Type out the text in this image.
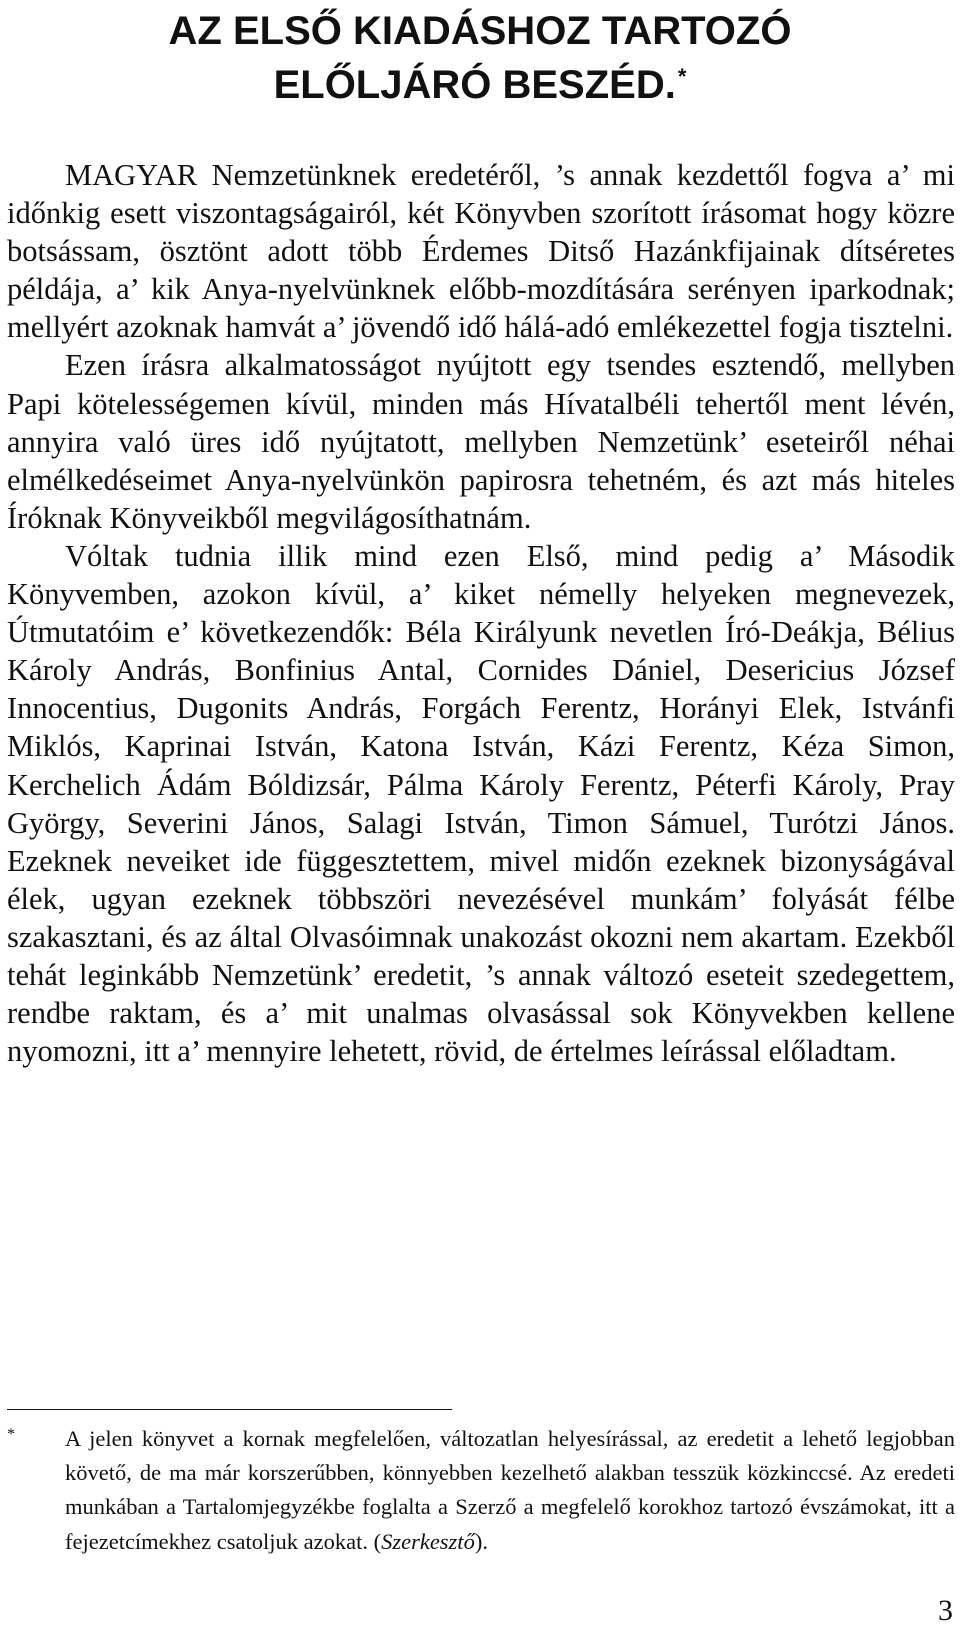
AZ ELSŐ KIADÁSHOZ TARTOZÓ
ELŐLJÁRÓ BESZÉD.*

MAGYAR Nemzetünknek eredetéről, ’s annak kezdettől fogva a’ mi időnkig esett viszontagságairól, két Könyvben szorított írásomat hogy közre botsássam, ösztönt adott több Érdemes Ditső Hazánkfijainak dítséretes példája, a’ kik Anya-nyelvünknek előbb-mozdítására serényen iparkodnak; mellyért azoknak hamvát a’ jövendő idő hálá-adó emlékezettel fogja tisztelni.

Ezen írásra alkalmatosságot nyújtott egy tsendes esztendő, mellyben Papi kötelességemen kívül, minden más Hívatalbéli tehertől ment lévén, annyira való üres idő nyújtatott, mellyben Nemzetünk’ eseteiről néhai elmélkedéseimet Anya-nyelvünkön papirosra tehetném, és azt más hiteles Íróknak Könyveikből megvilágosíthatnám.

Vóltak tudnia illik mind ezen Első, mind pedig a’ Második Könyvemben, azokon kívül, a’ kiket némelly helyeken megnevezek, Útmutatóim e’ következendők: Béla Királyunk nevetlen Író-Deákja, Bélius Károly András, Bonfinius Antal, Cornides Dániel, Desericius József Innocentius, Dugonits András, Forgách Ferentz, Horányi Elek, Istvánfi Miklós, Kaprinai István, Katona István, Kázi Ferentz, Kéza Simon, Kerchelich Ádám Bóldizsár, Pálma Károly Ferentz, Péterfi Károly, Pray György, Severini János, Salagi István, Timon Sámuel, Turótzi János. Ezeknek neveiket ide függesztettem, mivel midőn ezeknek bizonyságával élek, ugyan ezeknek többszöri nevezésével munkám’ folyását félbe szakasztani, és az által Olvasóimnak unakozást okozni nem akartam. Ezekből tehát leginkább Nemzetünk’ eredetit, ’s annak változó eseteit szedegettem, rendbe raktam, és a’ mit unalmas olvasással sok Könyvekben kellene nyomozni, itt a’ mennyire lehetett, rövid, de értelmes leírással előladtam.

* A jelen könyvet a kornak megfelelően, változatlan helyesírással, az eredetit a lehető legjobban követő, de ma már korszerűbben, könnyebben kezelhető alakban tesszük közkinccsé. Az eredeti munkában a Tartalomjegyzékbe foglalta a Szerző a megfelelő korokhoz tartozó évszámokat, itt a fejezetcímekhez csatoljuk azokat. (Szerkesztő).

3
